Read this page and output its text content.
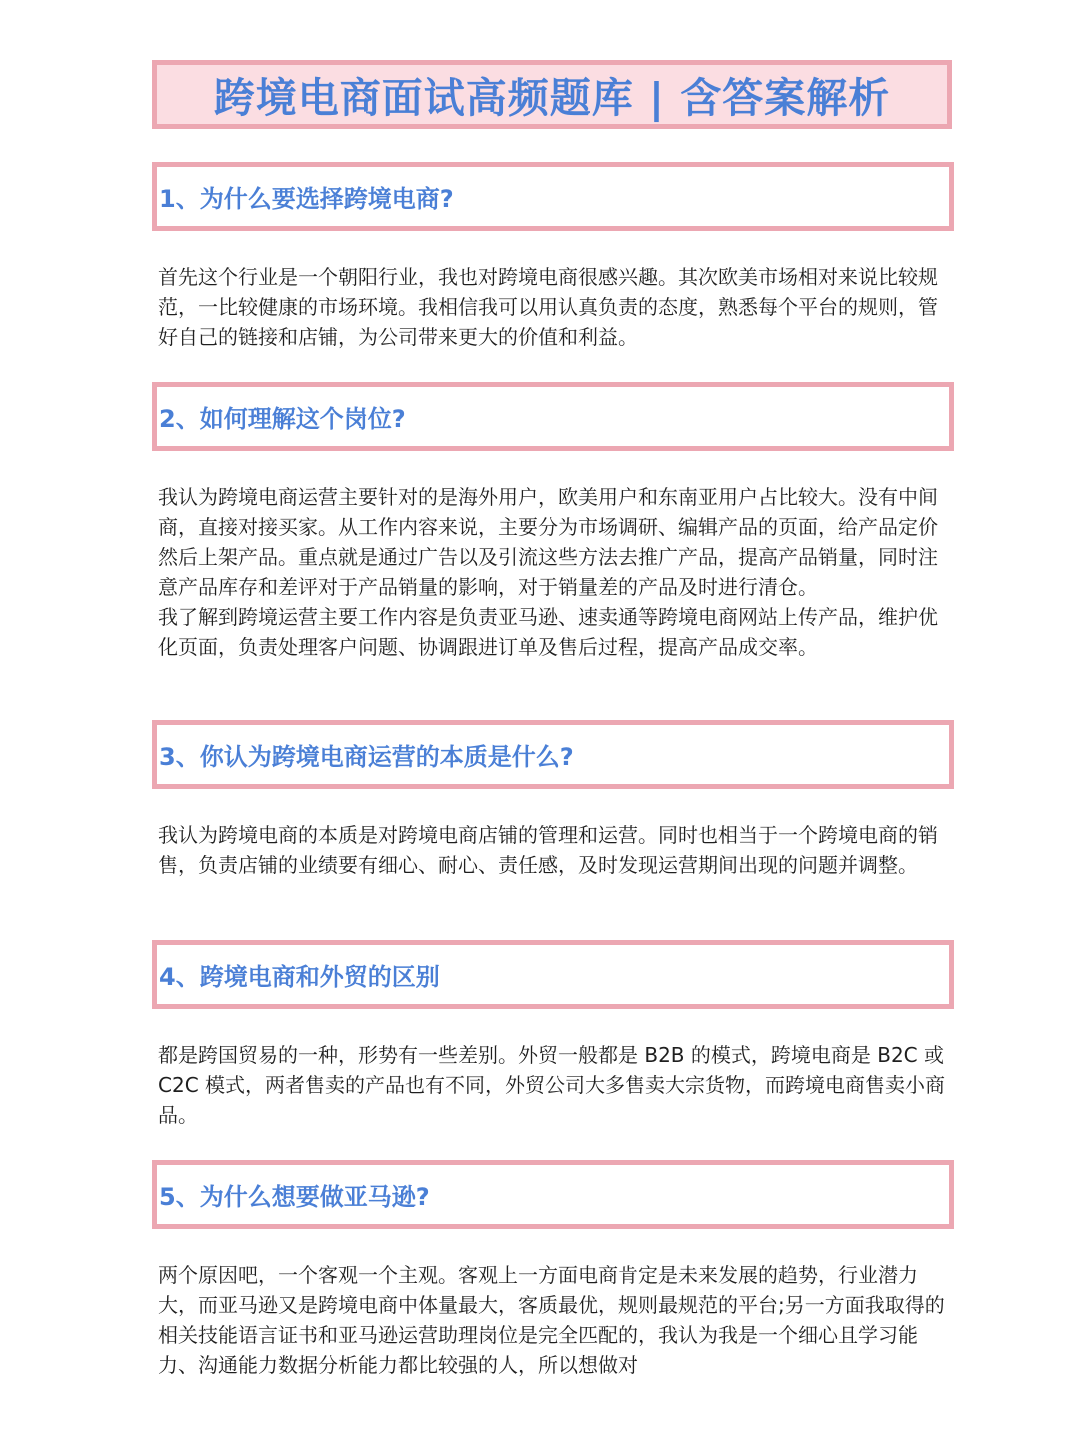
跨境电商面试高频题库 | 含答案解析
1、为什么要选择跨境电商?

首先这个行业是一个朝阳行业，我也对跨境电商很感兴趣。其次欧美市场相对来说比较规范，一比较健康的市场环境。我相信我可以用认真负责的态度，熟悉每个平台的规则，管好自己的链接和店铺，为公司带来更大的价值和利益。

2、如何理解这个岗位?

我认为跨境电商运营主要针对的是海外用户，欧美用户和东南亚用户占比较大。没有中间商，直接对接买家。从工作内容来说，主要分为市场调研、编辑产品的页面，给产品定价然后上架产品。重点就是通过广告以及引流这些方法去推广产品，提高产品销量，同时注意产品库存和差评对于产品销量的影响，对于销量差的产品及时进行清仓。

我了解到跨境运营主要工作内容是负责亚马逊、速卖通等跨境电商网站上传产品，维护优化页面，负责处理客户问题、协调跟进订单及售后过程，提高产品成交率。

3、你认为跨境电商运营的本质是什么?

我认为跨境电商的本质是对跨境电商店铺的管理和运营。同时也相当于一个跨境电商的销售，负责店铺的业绩要有细心、耐心、责任感，及时发现运营期间出现的问题并调整。

4、跨境电商和外贸的区别

都是跨国贸易的一种，形势有一些差别。外贸一般都是 B2B 的模式，跨境电商是 B2C 或 C2C 模式，两者售卖的产品也有不同，外贸公司大多售卖大宗货物，而跨境电商售卖小商品。

5、为什么想要做亚马逊?

两个原因吧，一个客观一个主观。客观上一方面电商肯定是未来发展的趋势，行业潜力大，而亚马逊又是跨境电商中体量最大，客质最优，规则最规范的平台;另一方面我取得的相关技能语言证书和亚马逊运营助理岗位是完全匹配的，我认为我是一个细心且学习能力、沟通能力数据分析能力都比较强的人，所以想做对
